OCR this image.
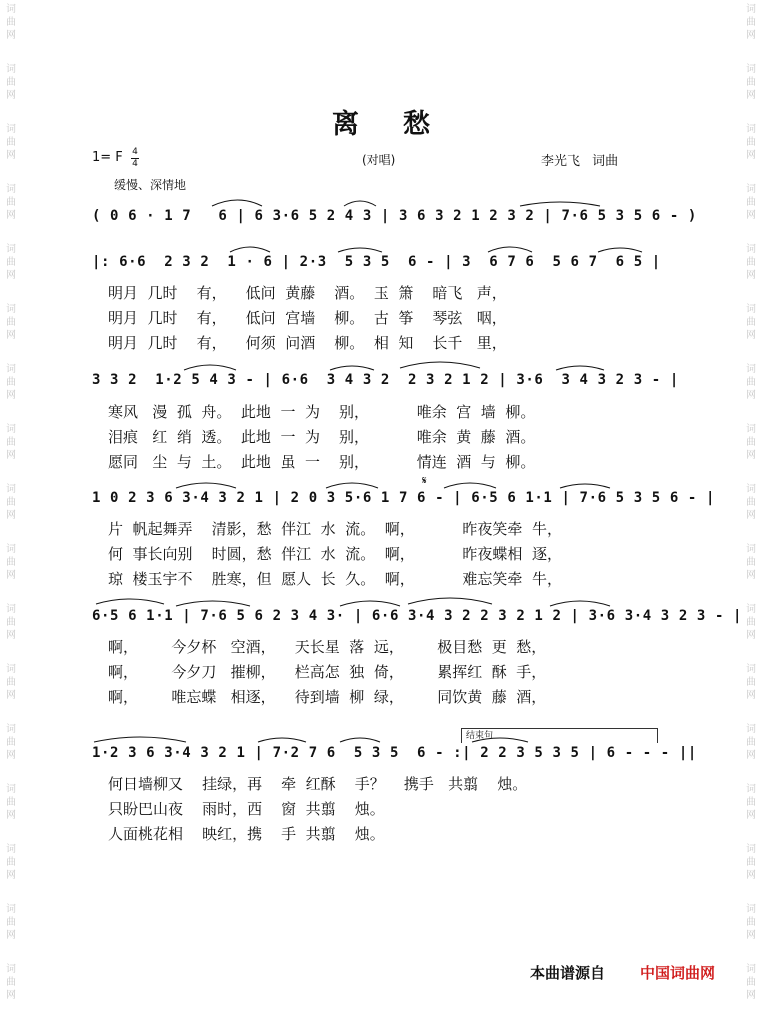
词
曲
网
词
曲
网
词
曲
网
词
曲
网
词
曲
网
词
曲
网
词
曲
网
词
曲
网
词
曲
网
词
曲
网
词
曲
网
词
曲
网
词
曲
网
词
曲
网
词
曲
网
词
曲
网
词
曲
网
词
曲
网
词
曲
网
词
曲
网
词
曲
网
词
曲
网
词
曲
网
词
曲
网
词
曲
网
词
曲
网
词
曲
网
词
曲
网
词
曲
网
词
曲
网
词
曲
网
词
曲
网
词
曲
网
词
曲
网
离愁
1= F 4
4	(对唱)	李光飞 词曲
缓慢、深情地
( 0 6 · 1 7   6 | 6 3·6 5 2 4 3 | 3 6 3 2 1 2 3 2 | 7·6 5 3 5 6 - )
|: 6·6  2 3 2  1 · 6 | 2·3  5 3 5  6 - | 3  6 7 6  5 6 7  6 5 |
明月  几时    有，    低问  黄藤    酒。  玉  箫    暗飞   声，
明月  几时    有，    低问  宫墙    柳。  古  筝    琴弦   咽，
明月  几时    有，    何须  问酒    柳。  相  知    长千   里，
3 3 2  1·2 5 4 3 - | 6·6  3 4 3 2  2 3 2 1 2 | 3·6  3 4 3 2 3 - |
寒风   漫  孤  舟。  此地  一  为    别，          唯余  宫  墙  柳。
泪痕   红  绡  透。  此地  一  为    别，          唯余  黄  藤  酒。
愿同   尘  与  土。  此地  虽  一    别，          情连  酒  与  柳。
𝄋
1 0 2 3 6 3·4 3 2 1 | 2 0 3 5·6 1 7 6 - | 6·5 6 1·1 | 7·6 5 3 5 6 - |
片  帆起舞弄    清影，愁  伴江  水  流。  啊，          昨夜笑牵  牛，
何  事长向别    时圆，愁  伴江  水  流。  啊，          昨夜蝶相  逐，
琼  楼玉宇不    胜寒，但  愿人  长  久。  啊，          难忘笑牵  牛，
6·5 6 1·1 | 7·6 5 6 2 3 4 3· | 6·6 3·4 3 2 2 3 2 1 2 | 3·6 3·4 3 2 3 - |
啊，       今夕杯   空酒，    天长星  落  远，       极目愁  更  愁，
啊，       今夕刀   摧柳，    栏高怎  独  倚，       累挥红  酥  手，
啊，       唯忘蝶   相逐，    待到墙  柳  绿，       同饮黄  藤  酒，
结束句
1·2 3 6 3·4 3 2 1 | 7·2 7 6  5 3 5  6 - :| 2 2 3 5 3 5 | 6 - - - ||
何日墙柳又    挂绿，再    牵  红酥    手？    携手   共翦    烛。
只盼巴山夜    雨时，西    窗  共翦    烛。
人面桃花相    映红，携    手  共翦    烛。
本曲谱源自 中国词曲网
